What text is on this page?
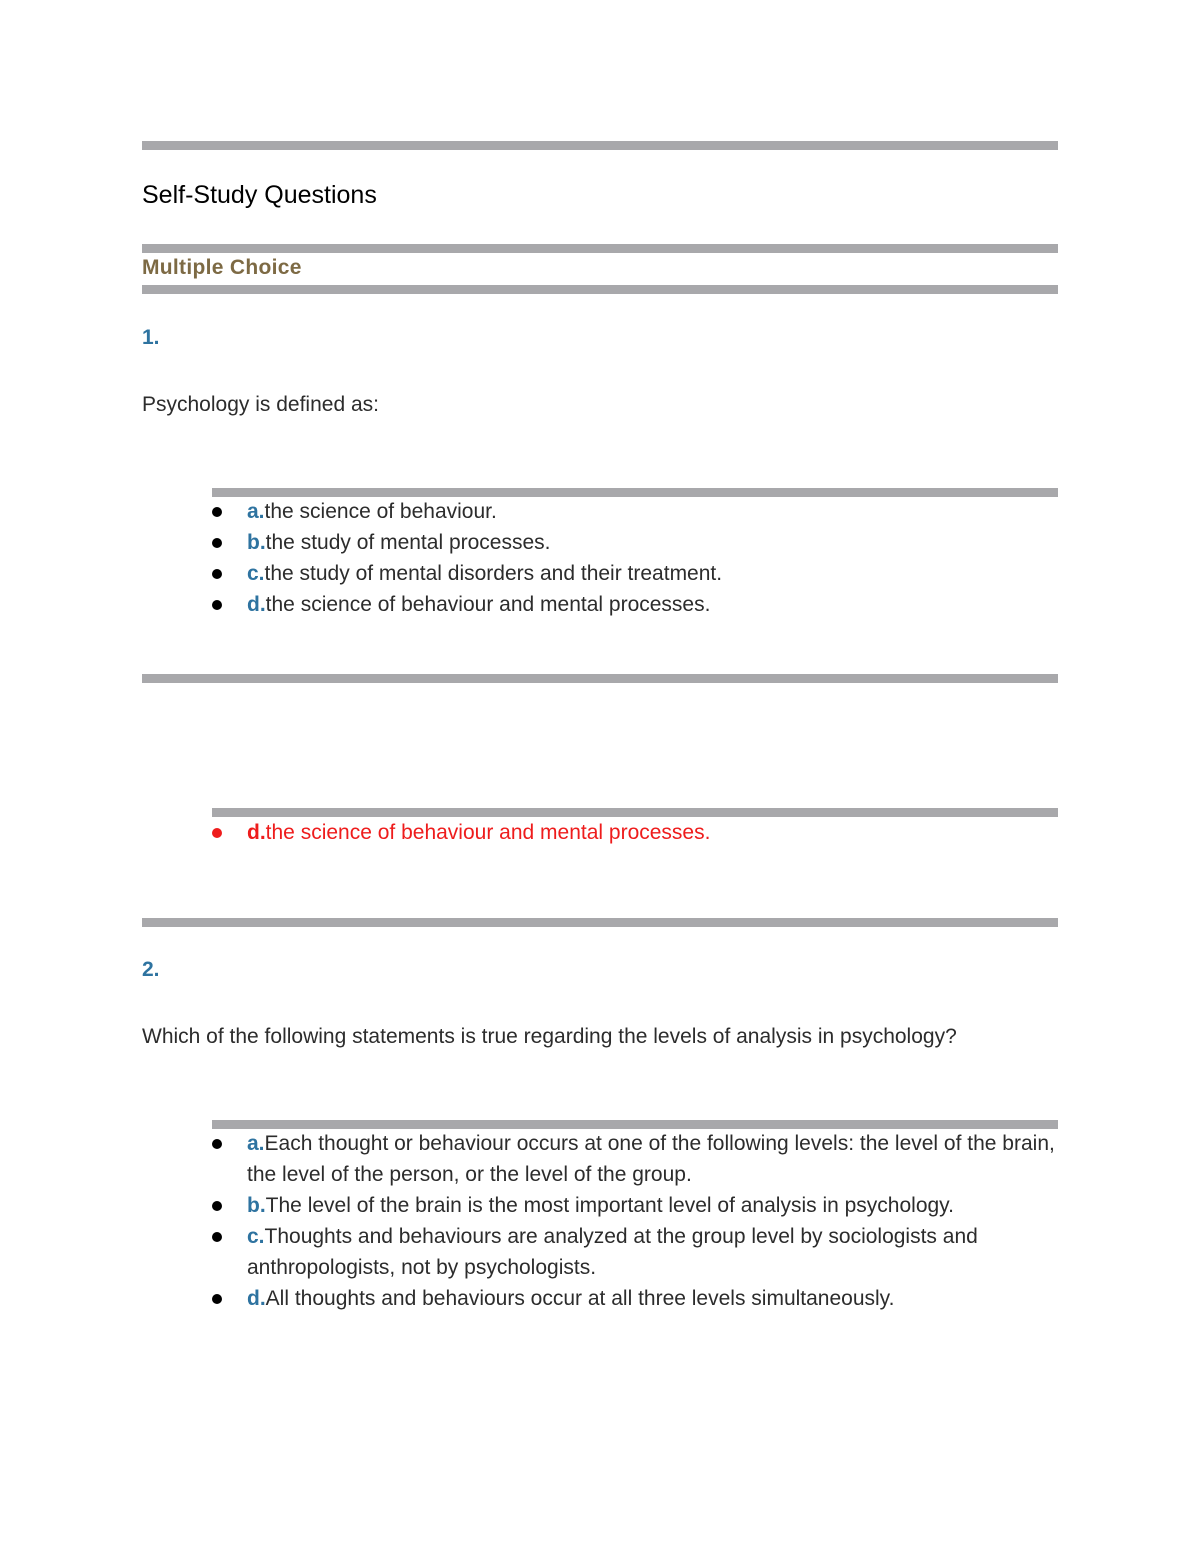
Self-Study Questions
Multiple Choice
1.
Psychology is defined as:
a.the science of behaviour.
b.the study of mental processes.
c.the study of mental disorders and their treatment.
d.the science of behaviour and mental processes.
d.the science of behaviour and mental processes.
2.
Which of the following statements is true regarding the levels of analysis in psychology?
a.Each thought or behaviour occurs at one of the following levels: the level of the brain, the level of the person, or the level of the group.
b.The level of the brain is the most important level of analysis in psychology.
c.Thoughts and behaviours are analyzed at the group level by sociologists and anthropologists, not by psychologists.
d.All thoughts and behaviours occur at all three levels simultaneously.
